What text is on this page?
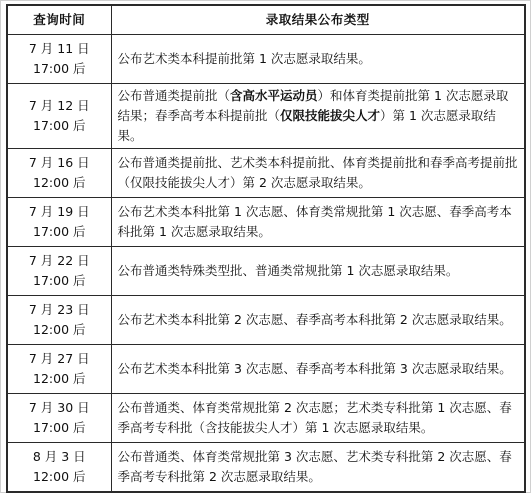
查询时间	录取结果公布类型

7 月 11 日
17:00 后	公布艺术类本科提前批第 1 次志愿录取结果。

7 月 12 日
17:00 后	公布普通类提前批（含高水平运动员）和体育类提前批第 1 次志愿录取结果；春季高考本科提前批（仅限技能拔尖人才）第 1 次志愿录取结果。

7 月 16 日
12:00 后	公布普通类提前批、艺术类本科提前批、体育类提前批和春季高考提前批（仅限技能拔尖人才）第 2 次志愿录取结果。

7 月 19 日
17:00 后	公布艺术类本科批第 1 次志愿、体育类常规批第 1 次志愿、春季高考本科批第 1 次志愿录取结果。

7 月 22 日
17:00 后	公布普通类特殊类型批、普通类常规批第 1 次志愿录取结果。

7 月 23 日
12:00 后	公布艺术类本科批第 2 次志愿、春季高考本科批第 2 次志愿录取结果。

7 月 27 日
12:00 后	公布艺术类本科批第 3 次志愿、春季高考本科批第 3 次志愿录取结果。

7 月 30 日
17:00 后	公布普通类、体育类常规批第 2 次志愿；艺术类专科批第 1 次志愿、春季高考专科批（含技能拔尖人才）第 1 次志愿录取结果。

8 月 3 日
12:00 后	公布普通类、体育类常规批第 3 次志愿、艺术类专科批第 2 次志愿、春季高考专科批第 2 次志愿录取结果。
